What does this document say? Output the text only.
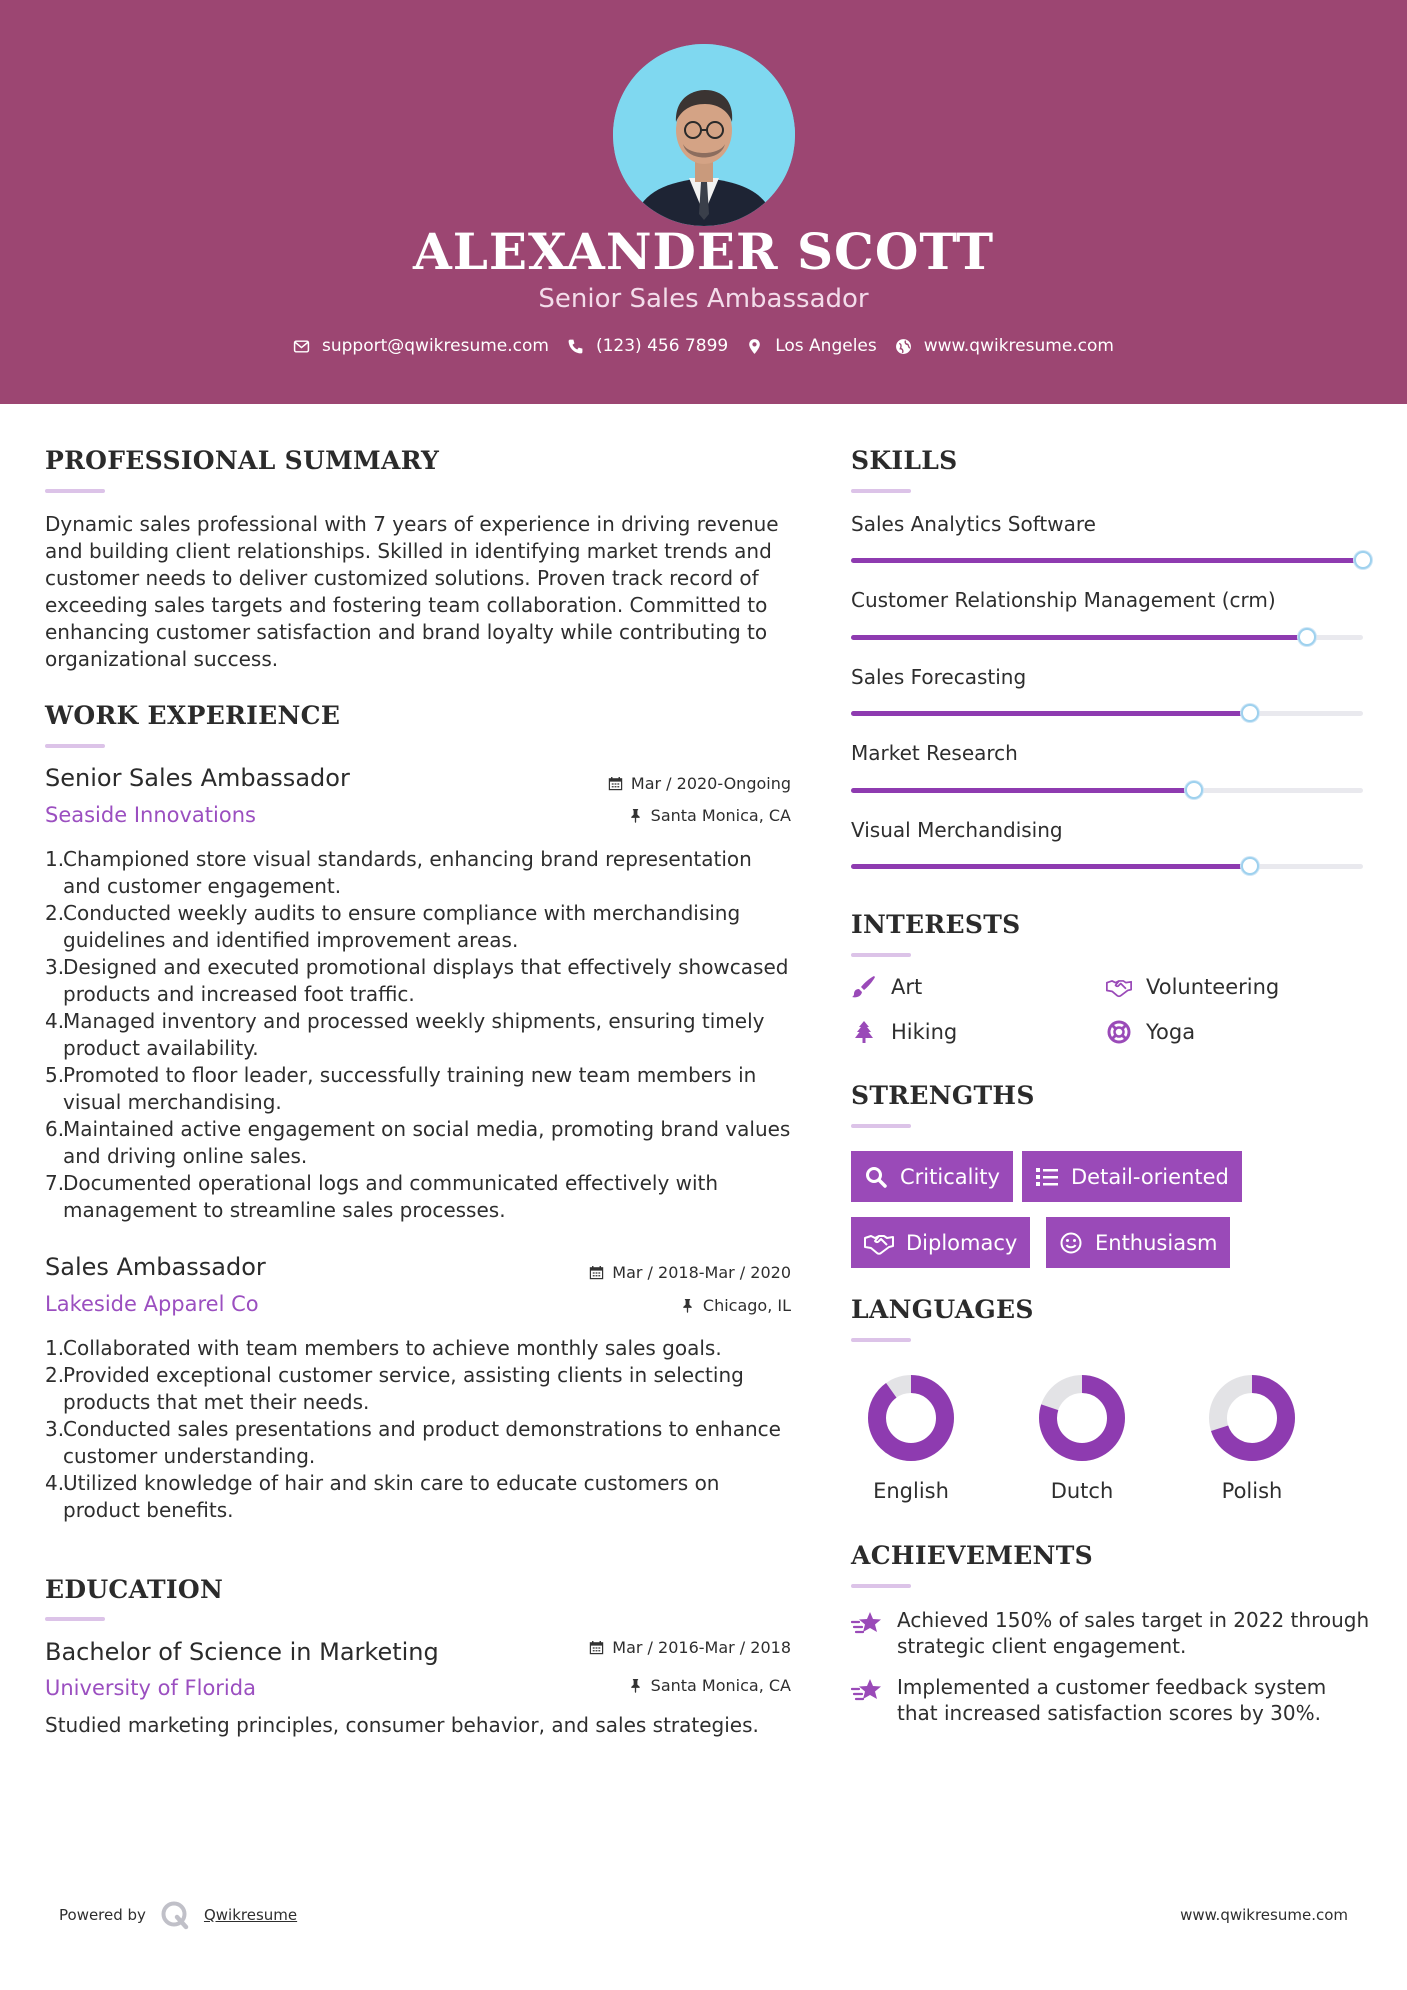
ALEXANDER SCOTT
Senior Sales Ambassador
support@qwikresume.com	(123) 456 7899	Los Angeles	www.qwikresume.com
PROFESSIONAL SUMMARY
Dynamic sales professional with 7 years of experience in driving revenue and building client relationships. Skilled in identifying market trends and customer needs to deliver customized solutions. Proven track record of exceeding sales targets and fostering team collaboration. Committed to enhancing customer satisfaction and brand loyalty while contributing to organizational success.
WORK EXPERIENCE
Senior Sales Ambassador	Mar / 2020-Ongoing
Seaside Innovations	Santa Monica, CA
1.
Championed store visual standards, enhancing brand representation and customer engagement.
2.
Conducted weekly audits to ensure compliance with merchandising guidelines and identified improvement areas.
3.
Designed and executed promotional displays that effectively showcased products and increased foot traffic.
4.
Managed inventory and processed weekly shipments, ensuring timely product availability.
5.
Promoted to floor leader, successfully training new team members in visual merchandising.
6.
Maintained active engagement on social media, promoting brand values and driving online sales.
7.
Documented operational logs and communicated effectively with management to streamline sales processes.
Sales Ambassador	Mar / 2018-Mar / 2020
Lakeside Apparel Co	Chicago, IL
1.
Collaborated with team members to achieve monthly sales goals.
2.
Provided exceptional customer service, assisting clients in selecting products that met their needs.
3.
Conducted sales presentations and product demonstrations to enhance customer understanding.
4.
Utilized knowledge of hair and skin care to educate customers on product benefits.
EDUCATION
Bachelor of Science in Marketing	Mar / 2016-Mar / 2018
University of Florida	Santa Monica, CA
Studied marketing principles, consumer behavior, and sales strategies.
SKILLS
Sales Analytics Software
Customer Relationship Management (crm)
Sales Forecasting
Market Research
Visual Merchandising
INTERESTS
Art	Volunteering
Hiking	Yoga
STRENGTHS
Criticality	Detail-oriented
Diplomacy	Enthusiasm
LANGUAGES
English	Dutch	Polish
ACHIEVEMENTS
Achieved 150% of sales target in 2022 through strategic client engagement.
Implemented a customer feedback system that increased satisfaction scores by 30%.
Powered by	Qwikresume	www.qwikresume.com
